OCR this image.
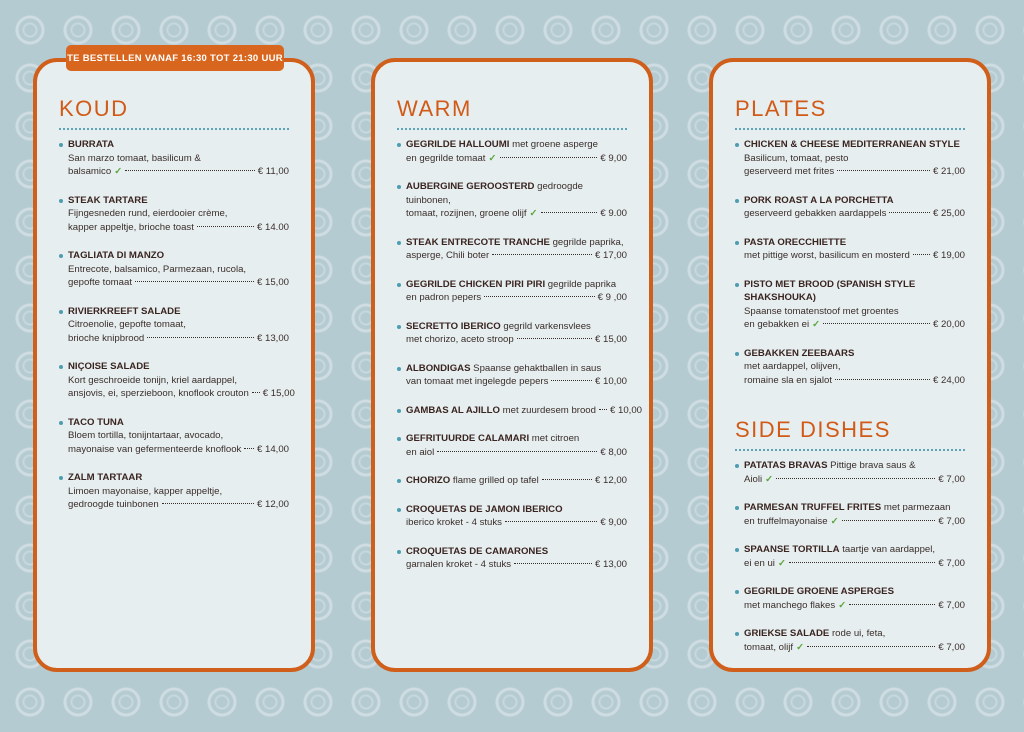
TE BESTELLEN VANAF 16:30 TOT 21:30 UUR
KOUD
BURRATA
San marzo tomaat, basilicum &
balsamico ✓	€ 11,00
STEAK TARTARE
Fijngesneden rund, eierdooier crème,
kapper appeltje, brioche toast	€ 14.00
TAGLIATA DI MANZO
Entrecote, balsamico, Parmezaan, rucola,
gepofte tomaat	€ 15,00
RIVIERKREEFT SALADE
Citroenolie, gepofte tomaat,
brioche knipbrood	€ 13,00
NIÇOISE SALADE
Kort geschroeide tonijn, kriel aardappel,
ansjovis, ei, sperzieboon, knoflook crouton € 15,00
TACO TUNA
Bloem tortilla, tonijntartaar, avocado,
mayonaise van gefermenteerde knoflook € 14,00
ZALM TARTAAR
Limoen mayonaise, kapper appeltje,
gedroogde tuinbonen	€ 12,00
WARM
GEGRILDE HALLOUMI met groene asperge
en gegrilde tomaat ✓	€ 9,00
AUBERGINE GEROOSTERD gedroogde tuinbonen,
tomaat, rozijnen, groene olijf ✓	€ 9.00
STEAK ENTRECOTE TRANCHE gegrilde paprika,
asperge, Chili boter	€ 17,00
GEGRILDE CHICKEN PIRI PIRI gegrilde paprika
en padron pepers	€ 9 ,00
SECRETTO IBERICO gegrild varkensvlees
met chorizo, aceto stroop	€ 15,00
ALBONDIGAS Spaanse gehaktballen in saus
van tomaat met ingelegde pepers	€ 10,00
GAMBAS AL AJILLO met zuurdesem brood € 10,00
GEFRITUURDE CALAMARI met citroen
en aiol	€ 8,00
CHORIZO flame grilled op tafel	€ 12,00
CROQUETAS DE JAMON IBERICO
iberico kroket - 4 stuks	€ 9,00
CROQUETAS DE CAMARONES
garnalen kroket - 4 stuks	€ 13,00
PLATES
CHICKEN & CHEESE MEDITERRANEAN STYLE
Basilicum, tomaat, pesto
geserveerd met frites	€ 21,00
PORK ROAST A LA PORCHETTA
geserveerd gebakken aardappels	€ 25,00
PASTA ORECCHIETTE
met pittige worst, basilicum en mosterd € 19,00
PISTO MET BROOD (SPANISH STYLE SHAKSHOUKA)
Spaanse tomatenstoof met groentes
en gebakken ei ✓	€ 20,00
GEBAKKEN ZEEBAARS
met aardappel, olijven,
romaine sla en sjalot	€ 24,00
SIDE DISHES
PATATAS BRAVAS Pittige brava saus &
Aioli ✓	€ 7,00
PARMESAN TRUFFEL FRITES met parmezaan
en truffelmayonaise ✓	€ 7,00
SPAANSE TORTILLA taartje van aardappel,
ei en ui ✓	€ 7,00
GEGRILDE GROENE ASPERGES
met manchego flakes ✓	€ 7,00
GRIEKSE SALADE rode ui, feta,
tomaat, olijf ✓	€ 7,00
